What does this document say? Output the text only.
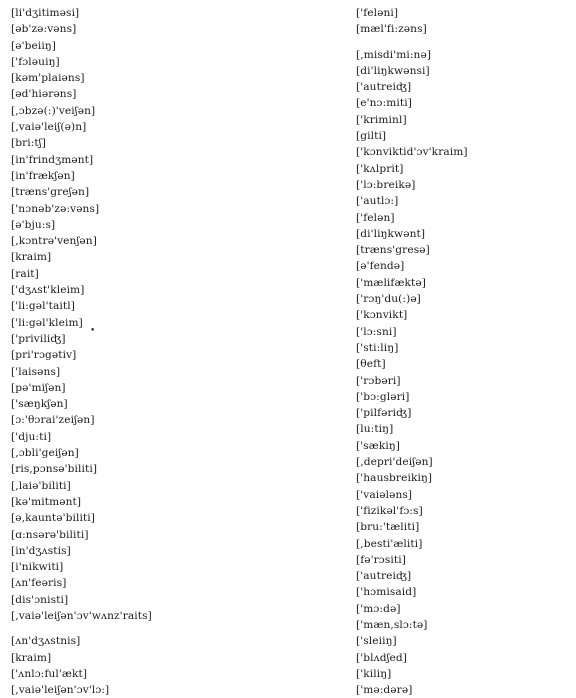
[li'dʒitiməsi]
[əb'zə:vəns]
[ə'beiiŋ]
['fɔləuiŋ]
[kəm'plaiəns]
[əd'hiərəns]
[,ɔbzə(:)'veiʃən]
[,vaiə'leiʃ(ə)n]
[bri:tʃ]
[in'frindʒmənt]
[in'frækʃən]
[træns'greʃən]
['nɔnəb'zə:vəns]
[ə'bju:s]
[,kɔntrə'venʃən]
[kraim]
[rait]
['dʒʌst'kleim]
['li:gəl'taitl]
['li:gəl'kleim]
['priviliʤ]
[pri'rɔgətiv]
['laisəns]
[pə'miʃən]
['sæŋkʃən]
[ɔ:'θɔrai'zeiʃən]
['dju:ti]
[,ɔbli'geiʃən]
[ris,pɔnsə'biliti]
[,laiə'biliti]
[kə'mitmənt]
[ə,kauntə'biliti]
[ɑ:nsərə'biliti]
[in'dʒʌstis]
[i'nikwiti]
[ʌn'feəris]
[dis'ɔnisti]
[,vaiə'leiʃən'ɔv'wʌnz'raits]
[ʌn'dʒʌstnis]
[kraim]
['ʌnlɔ:ful'ækt]
[,vaiə'leiʃən'ɔv'lɔ:]
['feləni]
[mæl'fi:zəns]
[,misdi'mi:nə]
[di'liŋkwənsi]
['autreiʤ]
[e'nɔ:miti]
['kriminl]
[gilti]
['kɔnviktid'ɔv'kraim]
['kʌlprit]
['lɔ:breikə]
['autlɔ:]
['felən]
[di'liŋkwənt]
[træns'gresə]
[ə'fendə]
['mælifæktə]
['rɔŋ'du(:)ə]
['kɔnvikt]
['lɔ:sni]
['sti:liŋ]
[θeft]
['rɔbəri]
['bɔ:gləri]
['pilfəriʤ]
[lu:tiŋ]
['sækiŋ]
[,depri'deiʃən]
['hausbreikiŋ]
['vaiələns]
['fizikəl'fɔ:s]
[bru:'tæliti]
[,besti'æliti]
[fə'rɔsiti]
['autreiʤ]
['hɔmisaid]
['mɔ:də]
['mæn,slɔ:tə]
['sleiiŋ]
['blʌdʃed]
['kiliŋ]
['mə:dərə]
•
